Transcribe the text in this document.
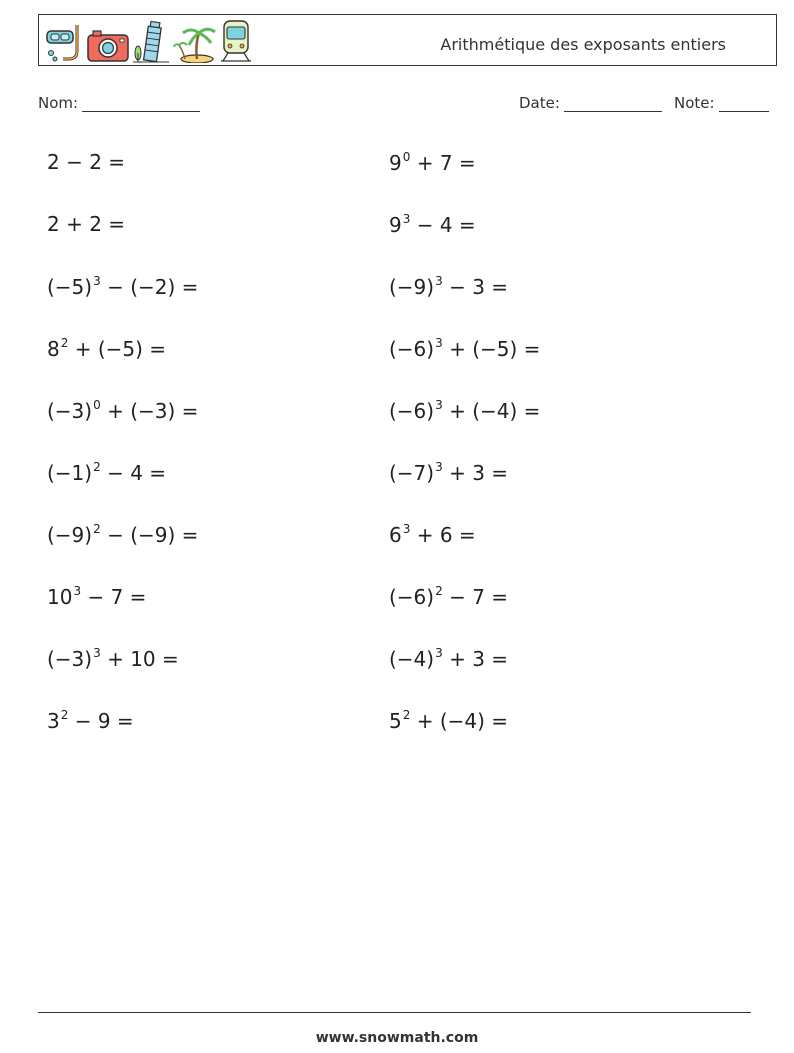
Arithmétique des exposants entiers
Nom:	Date:	Note:
2 − 2 =	$9^0 + 7$ =
2 + 2 =	$9^3 - 4$ =
$(-5)^3 - (-2)$ =	$(-9)^3 - 3$ =
$8^2 + (-5)$ =	$(-6)^3 + (-5)$ =
$(-3)^0 + (-3)$ =	$(-6)^3 + (-4)$ =
$(-1)^2 - 4$ =	$(-7)^3 + 3$ =
$(-9)^2 - (-9)$ =	$6^3 + 6$ =
$10^3 - 7$ =	$(-6)^2 - 7$ =
$(-3)^3 + 10$ =	$(-4)^3 + 3$ =
$3^2 - 9$ =	$5^2 + (-4)$ =
www.snowmath.com
